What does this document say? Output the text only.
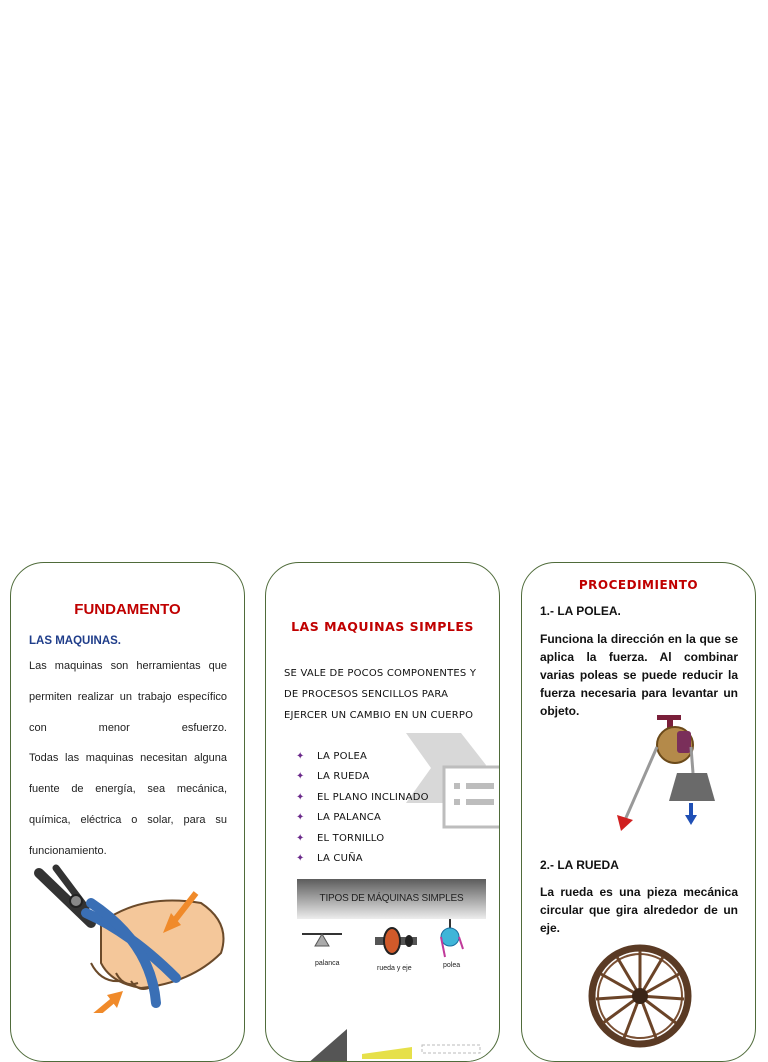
FUNDAMENTO
LAS MAQUINAS.
Las maquinas son herramientas que permiten realizar un trabajo específico con menor esfuerzo.
Todas las maquinas necesitan alguna fuente de energía, sea mecánica, química, eléctrica o solar, para su funcionamiento.
LAS MAQUINAS SIMPLES
SE VALE DE POCOS COMPONENTES Y
DE PROCESOS SENCILLOS PARA
EJERCER UN CAMBIO EN UN CUERPO
✦ LA POLEA
✦ LA RUEDA
✦ EL PLANO INCLINADO
✦ LA PALANCA
✦ EL TORNILLO
✦ LA CUÑA
TIPOS DE MÁQUINAS SIMPLES
palanca
rueda y eje	polea
PROCEDIMIENTO
1.- LA POLEA.
Funciona la dirección en la que se aplica la fuerza. Al combinar varias poleas se puede reducir la fuerza necesaria para levantar un objeto.
2.- LA RUEDA
La rueda es una pieza mecánica circular que gira alrededor de un eje.
